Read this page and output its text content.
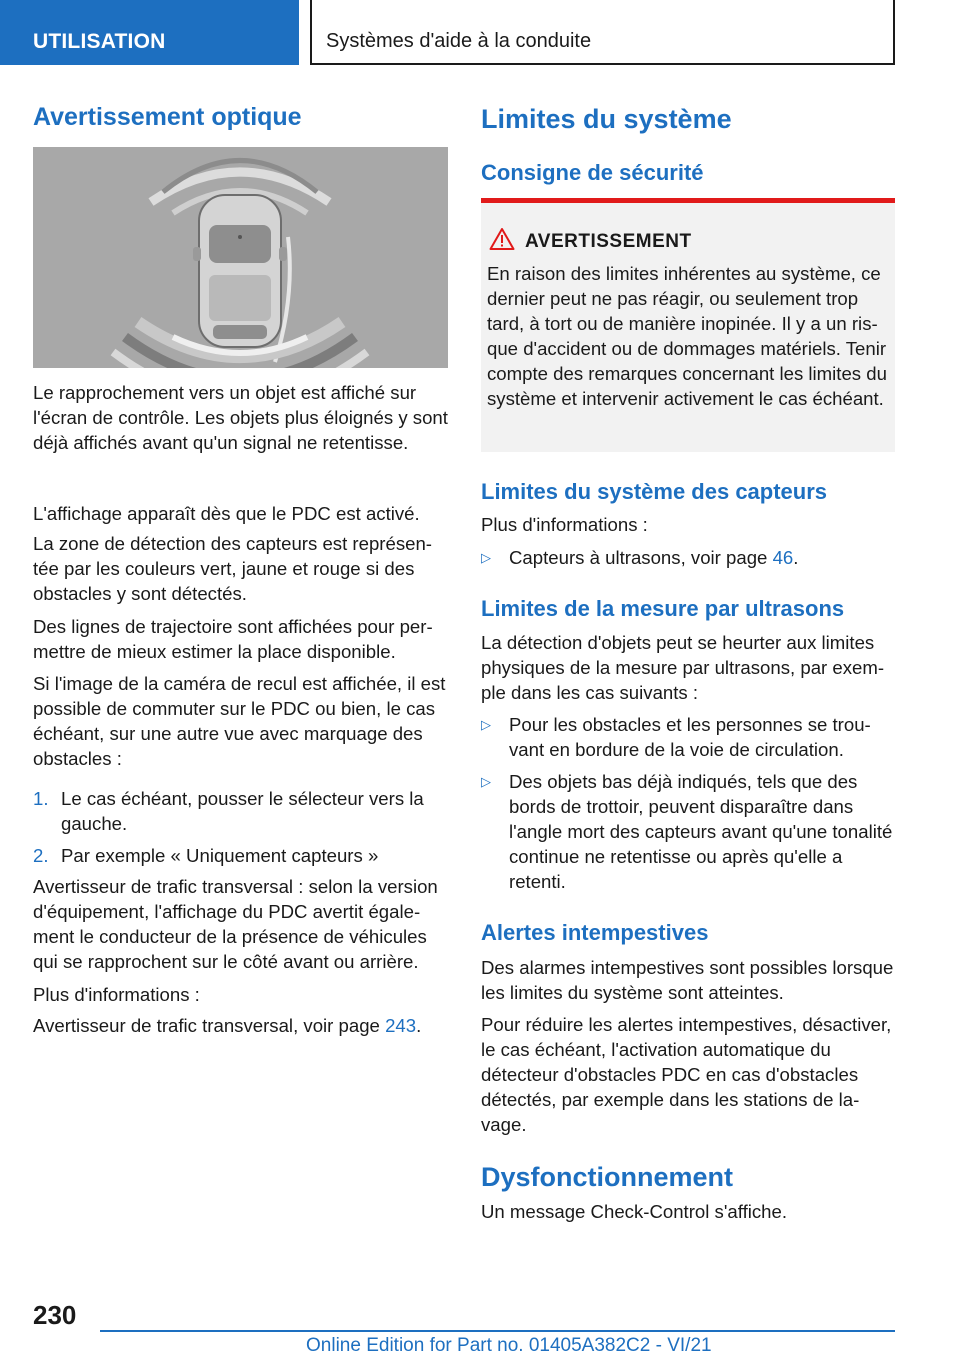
UTILISATION	Systèmes d'aide à la conduite
Avertissement optique

Le rapprochement vers un objet est affiché sur l'écran de contrôle. Les objets plus éloignés y sont déjà affichés avant qu'un signal ne retentisse.

L'affichage apparaît dès que le PDC est activé.

La zone de détection des capteurs est représentée par les couleurs vert, jaune et rouge si des obstacles y sont détectés.

Des lignes de trajectoire sont affichées pour permettre de mieux estimer la place disponible.

Si l'image de la caméra de recul est affichée, il est possible de commuter sur le PDC ou bien, le cas échéant, sur une autre vue avec marquage des obstacles :

1. Le cas échéant, pousser le sélecteur vers la gauche.

2. Par exemple « Uniquement capteurs »

Avertisseur de trafic transversal : selon la version d'équipement, l'affichage du PDC avertit également le conducteur de la présence de véhicules qui se rapprochent sur le côté avant ou arrière.

Plus d'informations :

Avertisseur de trafic transversal, voir page 243.

Limites du système
Consigne de sécurité
Limites du système des capteurs

Plus d'informations :

▷ Capteurs à ultrasons, voir page 46.

Limites de la mesure par ultrasons

La détection d'objets peut se heurter aux limites physiques de la mesure par ultrasons, par exemple dans les cas suivants :

▷ Pour les obstacles et les personnes se trouvant en bordure de la voie de circulation.

▷ Des objets bas déjà indiqués, tels que des bords de trottoir, peuvent disparaître dans l'angle mort des capteurs avant qu'une tonalité continue ne retentisse ou après qu'elle a retenti.

Alertes intempestives

Des alarmes intempestives sont possibles lorsque les limites du système sont atteintes.

Pour réduire les alertes intempestives, désactiver, le cas échéant, l'activation automatique du détecteur d'obstacles PDC en cas d'obstacles détectés, par exemple dans les stations de lavage.

Dysfonctionnement

Un message Check-Control s'affiche.

AVERTISSEMENT

En raison des limites inhérentes au système, ce dernier peut ne pas réagir, ou seulement trop tard, à tort ou de manière inopinée. Il y a un risque d'accident ou de dommages matériels. Tenir compte des remarques concernant les limites du système et intervenir activement le cas échéant.

230
Online Edition for Part no. 01405A382C2 - VI/21
